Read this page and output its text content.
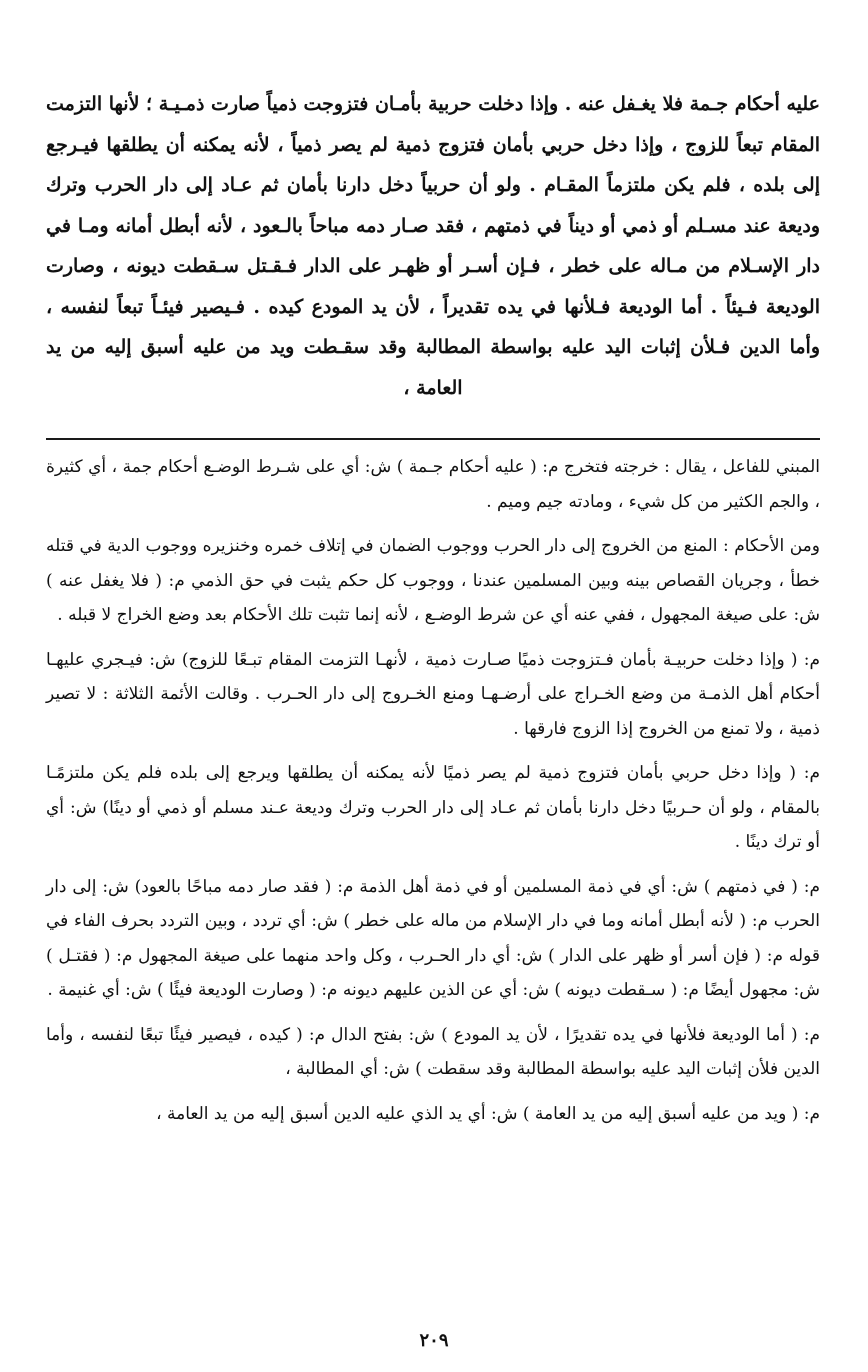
عليه أحكام جـمة فلا يغـفل عنه . وإذا دخلت حربية بأمـان فتزوجت ذمياً صارت ذمـيـة ؛ لأنها التزمت المقام تبعاً للزوج ، وإذا دخل حربي بأمان فتزوج ذمية لم يصر ذمياً ، لأنه يمكنه أن يطلقها فيـرجع إلى بلده ، فلم يكن ملتزماً المقـام . ولو أن حربياً دخل دارنا بأمان ثم عـاد إلى دار الحرب وترك وديعة عند مسـلم أو ذمي أو ديناً في ذمتهم ، فقد صـار دمه مباحاً بالـعود ، لأنه أبطل أمانه ومـا في دار الإسـلام من مـاله على خطر ، فـإن أسـر أو ظهـر على الدار فـقـتل سـقطت ديونه ، وصارت الوديعة فـيئاً . أما الوديعة فـلأنها في يده تقديراً ، لأن يد المودع كيده . فـيصير فيئـاً تبعاً لنفسه ، وأما الدين فـلأن إثبات اليد عليه بواسطة المطالبة وقد سقـطت ويد من عليه أسبق إليه من يد العامة ،

المبني للفاعل ، يقال : خرجته فتخرج م: ( عليه أحكام جـمة ) ش: أي على شـرط الوضـع أحكام جمة ، أي كثيرة ، والجم الكثير من كل شيء ، ومادته جيم وميم .

ومن الأحكام : المنع من الخروج إلى دار الحرب ووجوب الضمان في إتلاف خمره وخنزيره ووجوب الدية في قتله خطأ ، وجريان القصاص بينه وبين المسلمين عندنا ، ووجوب كل حكم يثبت في حق الذمي م: ( فلا يغفل عنه ) ش: على صيغة المجهول ، ففي عنه أي عن شرط الوضـع ، لأنه إنما تثبت تلك الأحكام بعد وضع الخراج لا قبله .

م: ( وإذا دخلت حربيـة بأمان فـتزوجت ذميًا صـارت ذمية ، لأنهـا التزمت المقام تبـعًا للزوج) ش: فيـجري عليهـا أحكام أهل الذمـة من وضع الخـراج على أرضـهـا ومنع الخـروج إلى دار الحـرب . وقالت الأئمة الثلاثة : لا تصير ذمية ، ولا تمنع من الخروج إذا الزوج فارقها .

م: ( وإذا دخل حربي بأمان فتزوج ذمية لم يصر ذميًا لأنه يمكنه أن يطلقها ويرجع إلى بلده فلم يكن ملتزمًـا بالمقام ، ولو أن حـربيًا دخل دارنا بأمان ثم عـاد إلى دار الحرب وترك وديعة عـند مسلم أو ذمي أو دينًا) ش: أي أو ترك دينًا .

م: ( في ذمتهم ) ش: أي في ذمة المسلمين أو في ذمة أهل الذمة م: ( فقد صار دمه مباحًا بالعود) ش: إلى دار الحرب م: ( لأنه أبطل أمانه وما في دار الإسلام من ماله على خطر ) ش: أي تردد ، وبين التردد بحرف الفاء في قوله م: ( فإن أسر أو ظهر على الدار ) ش: أي دار الحـرب ، وكل واحد منهما على صيغة المجهول م: ( فقتـل ) ش: مجهول أيضًا م: ( سـقطت ديونه ) ش: أي عن الذين عليهم ديونه م: ( وصارت الوديعة فيئًا ) ش: أي غنيمة .

م: ( أما الوديعة فلأنها في يده تقديرًا ، لأن يد المودع ) ش: بفتح الدال م: ( كيده ، فيصير فيئًا تبعًا لنفسه ، وأما الدين فلأن إثبات اليد عليه بواسطة المطالبة وقد سقطت ) ش: أي المطالبة ،

م: ( ويد من عليه أسبق إليه من يد العامة ) ش: أي يد الذي عليه الدين أسبق إليه من يد العامة ،

٢٠٩
